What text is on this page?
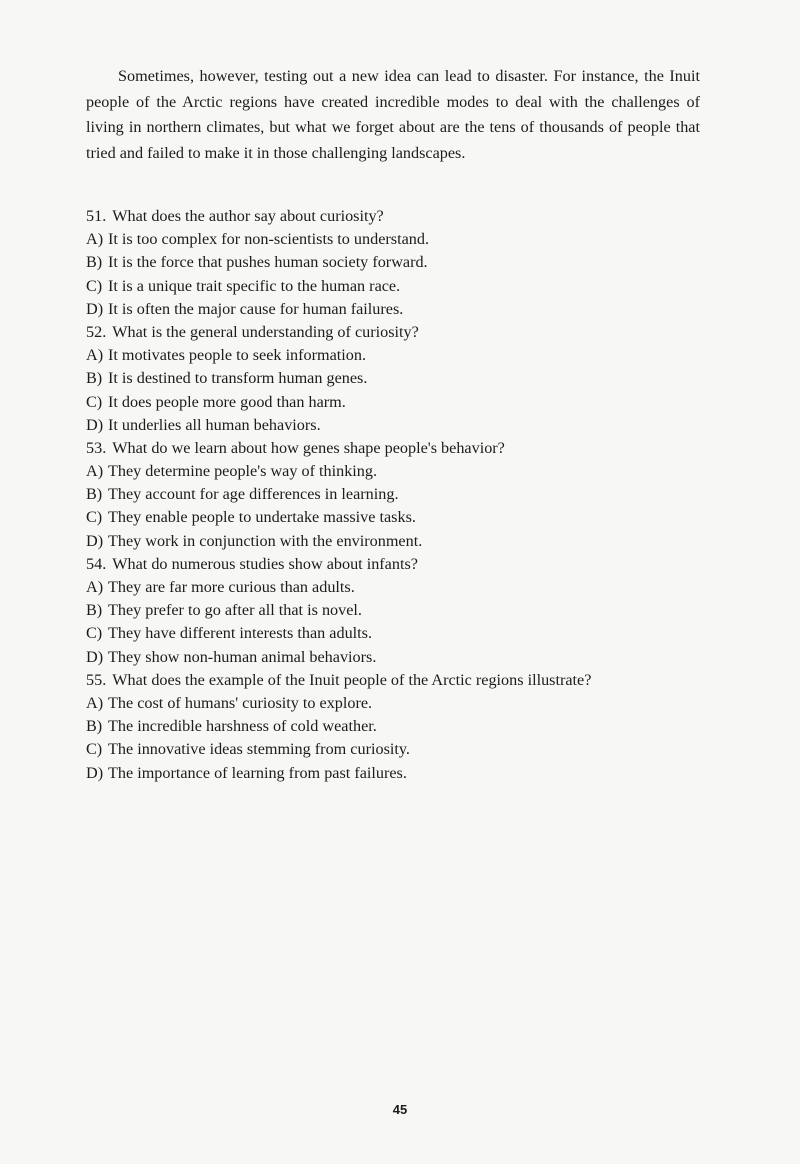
Sometimes, however, testing out a new idea can lead to disaster. For instance, the Inuit people of the Arctic regions have created incredible modes to deal with the challenges of living in northern climates, but what we forget about are the tens of thousands of people that tried and failed to make it in those challenging landscapes.

51. What does the author say about curiosity?
A) It is too complex for non-scientists to understand.
B) It is the force that pushes human society forward.
C) It is a unique trait specific to the human race.
D) It is often the major cause for human failures.
52. What is the general understanding of curiosity?
A) It motivates people to seek information.
B) It is destined to transform human genes.
C) It does people more good than harm.
D) It underlies all human behaviors.
53. What do we learn about how genes shape people's behavior?
A) They determine people's way of thinking.
B) They account for age differences in learning.
C) They enable people to undertake massive tasks.
D) They work in conjunction with the environment.
54. What do numerous studies show about infants?
A) They are far more curious than adults.
B) They prefer to go after all that is novel.
C) They have different interests than adults.
D) They show non-human animal behaviors.
55. What does the example of the Inuit people of the Arctic regions illustrate?
A) The cost of humans' curiosity to explore.
B) The incredible harshness of cold weather.
C) The innovative ideas stemming from curiosity.
D) The importance of learning from past failures.
45
